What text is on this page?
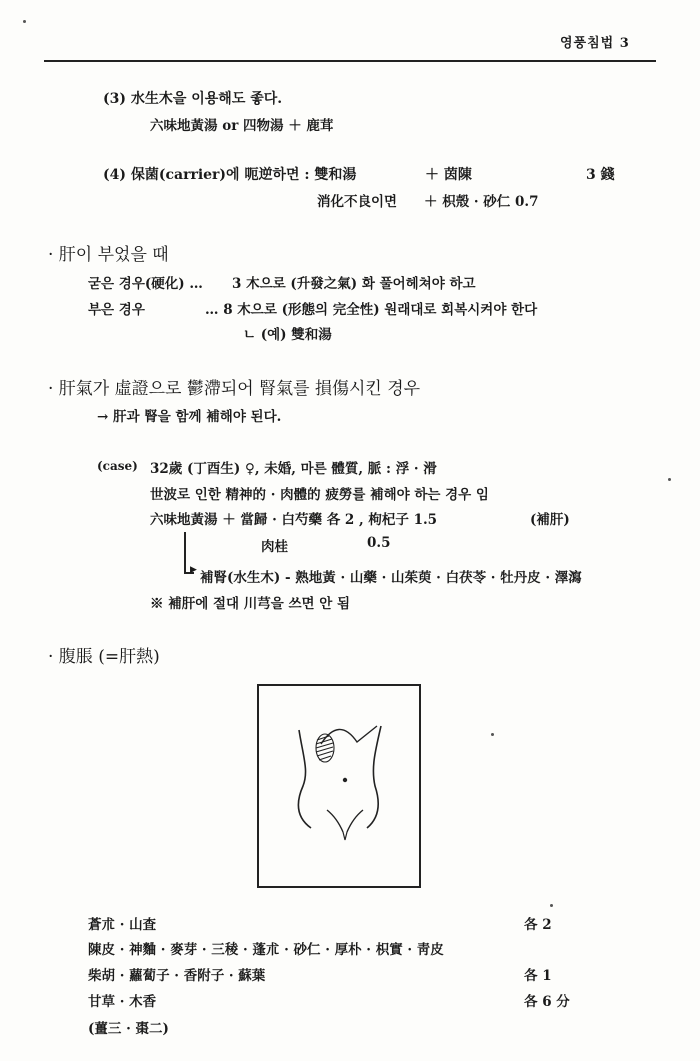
영풍침법 3
(3) 水生木을 이용해도 좋다.
六味地黃湯 or 四物湯 ＋ 鹿茸
(4) 保菌(carrier)에 呃逆하면 : 雙和湯	＋ 茵陳	3 錢
消化不良이면 ＋ 枳殼 · 砂仁 0.7
· 肝이 부었을 때
굳은 경우(硬化) … 3 木으로 (升發之氣) 화 풀어헤쳐야 하고
부은 경우	… 8 木으로 (形態의 完全性) 원래대로 회복시켜야 한다
ㄴ (예) 雙和湯
· 肝氣가 虛證으로 鬱滯되어 腎氣를 損傷시킨 경우
→ 肝과 腎을 함께 補해야 된다.
(case) 32歲 (丁酉生) ♀, 未婚, 마른 體質, 脈 : 浮 · 滑
世波로 인한 精神的 · 肉體的 疲勞를 補해야 하는 경우 임
六味地黃湯 ＋ 當歸 · 白芍藥 各 2 , 枸杞子 1.5	(補肝)
肉桂	0.5
▶ 補腎(水生木) ‐ 熟地黃 · 山藥 · 山茱萸 · 白茯苓 · 牡丹皮 · 澤瀉
※ 補肝에 절대 川芎을 쓰면 안 됨
· 腹脹 (=肝熱)
蒼朮 · 山査	各 2
陳皮 · 神麯 · 麥芽 · 三稜 · 蓬朮 · 砂仁 · 厚朴 · 枳實 · 靑皮
柴胡 · 蘿蔔子 · 香附子 · 蘇葉	各 1
甘草 · 木香	各 6 分
(薑三 · 棗二)
